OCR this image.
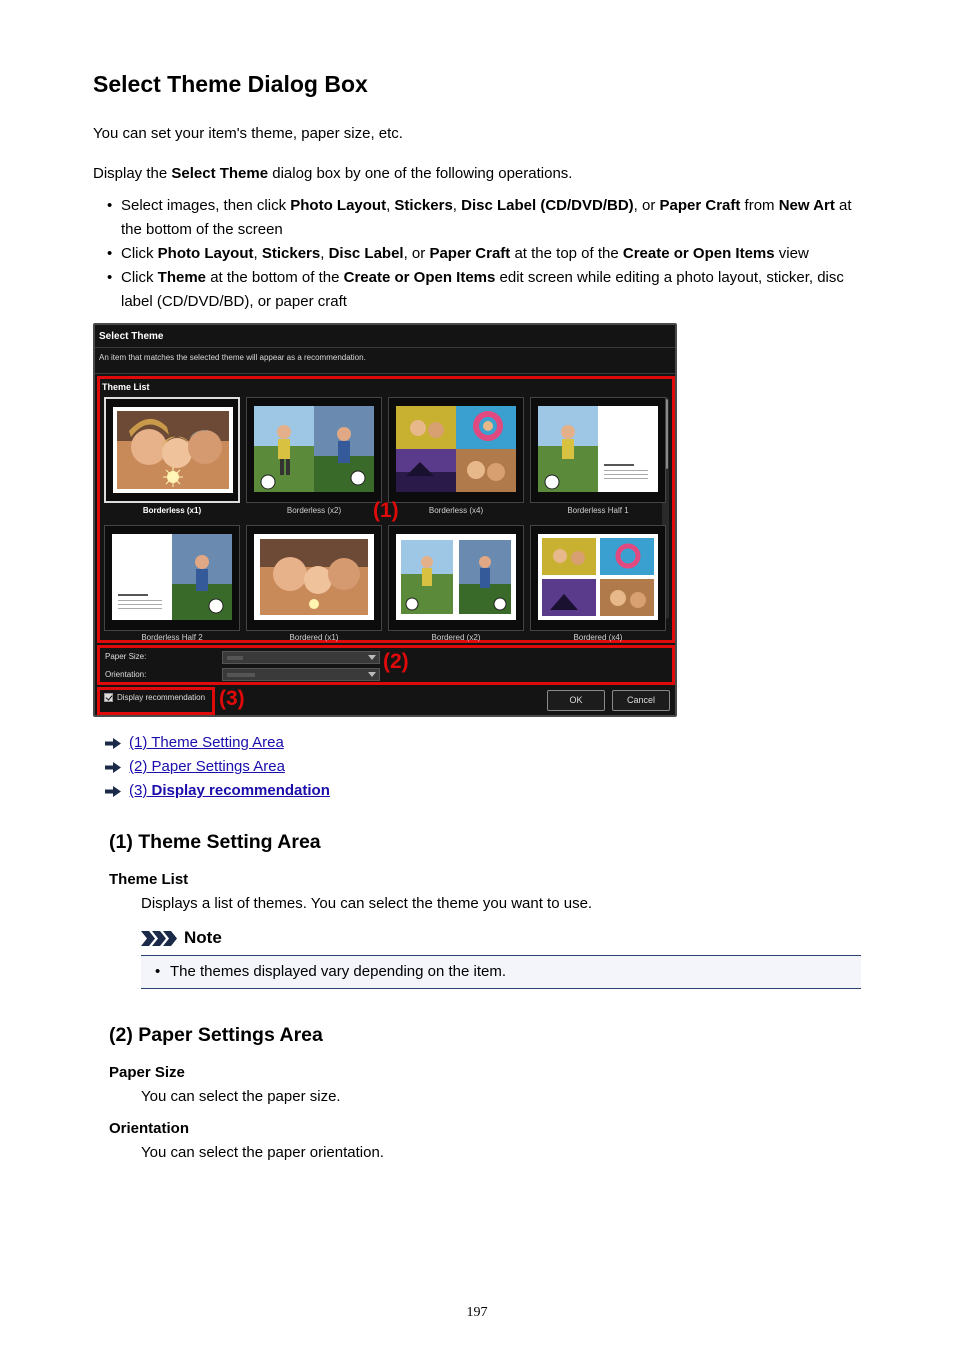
Select Theme Dialog Box

You can set your item's theme, paper size, etc.

Display the Select Theme dialog box by one of the following operations.

• Select images, then click Photo Layout, Stickers, Disc Label (CD/DVD/BD), or Paper Craft from New Art at the bottom of the screen
• Click Photo Layout, Stickers, Disc Label, or Paper Craft at the top of the Create or Open Items view
• Click Theme at the bottom of the Create or Open Items edit screen while editing a photo layout, sticker, disc label (CD/DVD/BD), or paper craft
Select Theme
An item that matches the selected theme will appear as a recommendation.
Theme List
Borderless (x1)	Borderless (x2)	Borderless (x4)	Borderless Half 1
Borderless Half 2	Bordered (x1)	Bordered (x2)	Bordered (x4)
(1)
Paper Size:
Orientation:
(2)
Display recommendation (3)	OK	Cancel
(1) Theme Setting Area
(2) Paper Settings Area
(3) Display recommendation
(1) Theme Setting Area
Theme List
Displays a list of themes. You can select the theme you want to use.
Note
• The themes displayed vary depending on the item.
(2) Paper Settings Area
Paper Size
You can select the paper size.
Orientation
You can select the paper orientation.
197
